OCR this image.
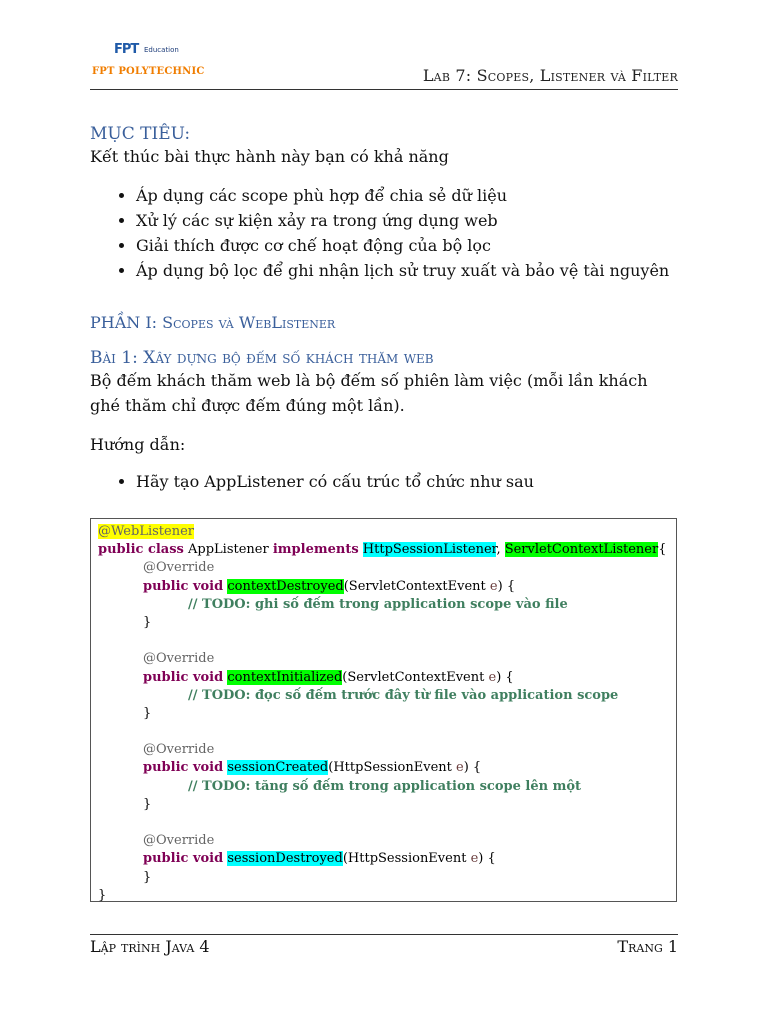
FPT Education
FPT POLYTECHNIC	Lab 7: Scopes, Listener và Filter
MỤC TIÊU:

Kết thúc bài thực hành này bạn có khả năng

• Áp dụng các scope phù hợp để chia sẻ dữ liệu
• Xử lý các sự kiện xảy ra trong ứng dụng web
• Giải thích được cơ chế hoạt động của bộ lọc
• Áp dụng bộ lọc để ghi nhận lịch sử truy xuất và bảo vệ tài nguyên
PHẦN I: Scopes và WebListener
Bài 1: Xây dựng bộ đếm số khách thăm web

Bộ đếm khách thăm web là bộ đếm số phiên làm việc (mỗi lần khách ghé thăm chỉ được đếm đúng một lần).

Hướng dẫn:

• Hãy tạo AppListener có cấu trúc tổ chức như sau
@WebListener
public class AppListener implements HttpSessionListener, ServletContextListener{
@Override
public void contextDestroyed(ServletContextEvent e) {
// TODO: ghi số đếm trong application scope vào file
}

@Override
public void contextInitialized(ServletContextEvent e) {
// TODO: đọc số đếm trước đây từ file vào application scope
}

@Override
public void sessionCreated(HttpSessionEvent e) {
// TODO: tăng số đếm trong application scope lên một
}

@Override
public void sessionDestroyed(HttpSessionEvent e) {
}
}
Lập trình Java 4	Trang 1
